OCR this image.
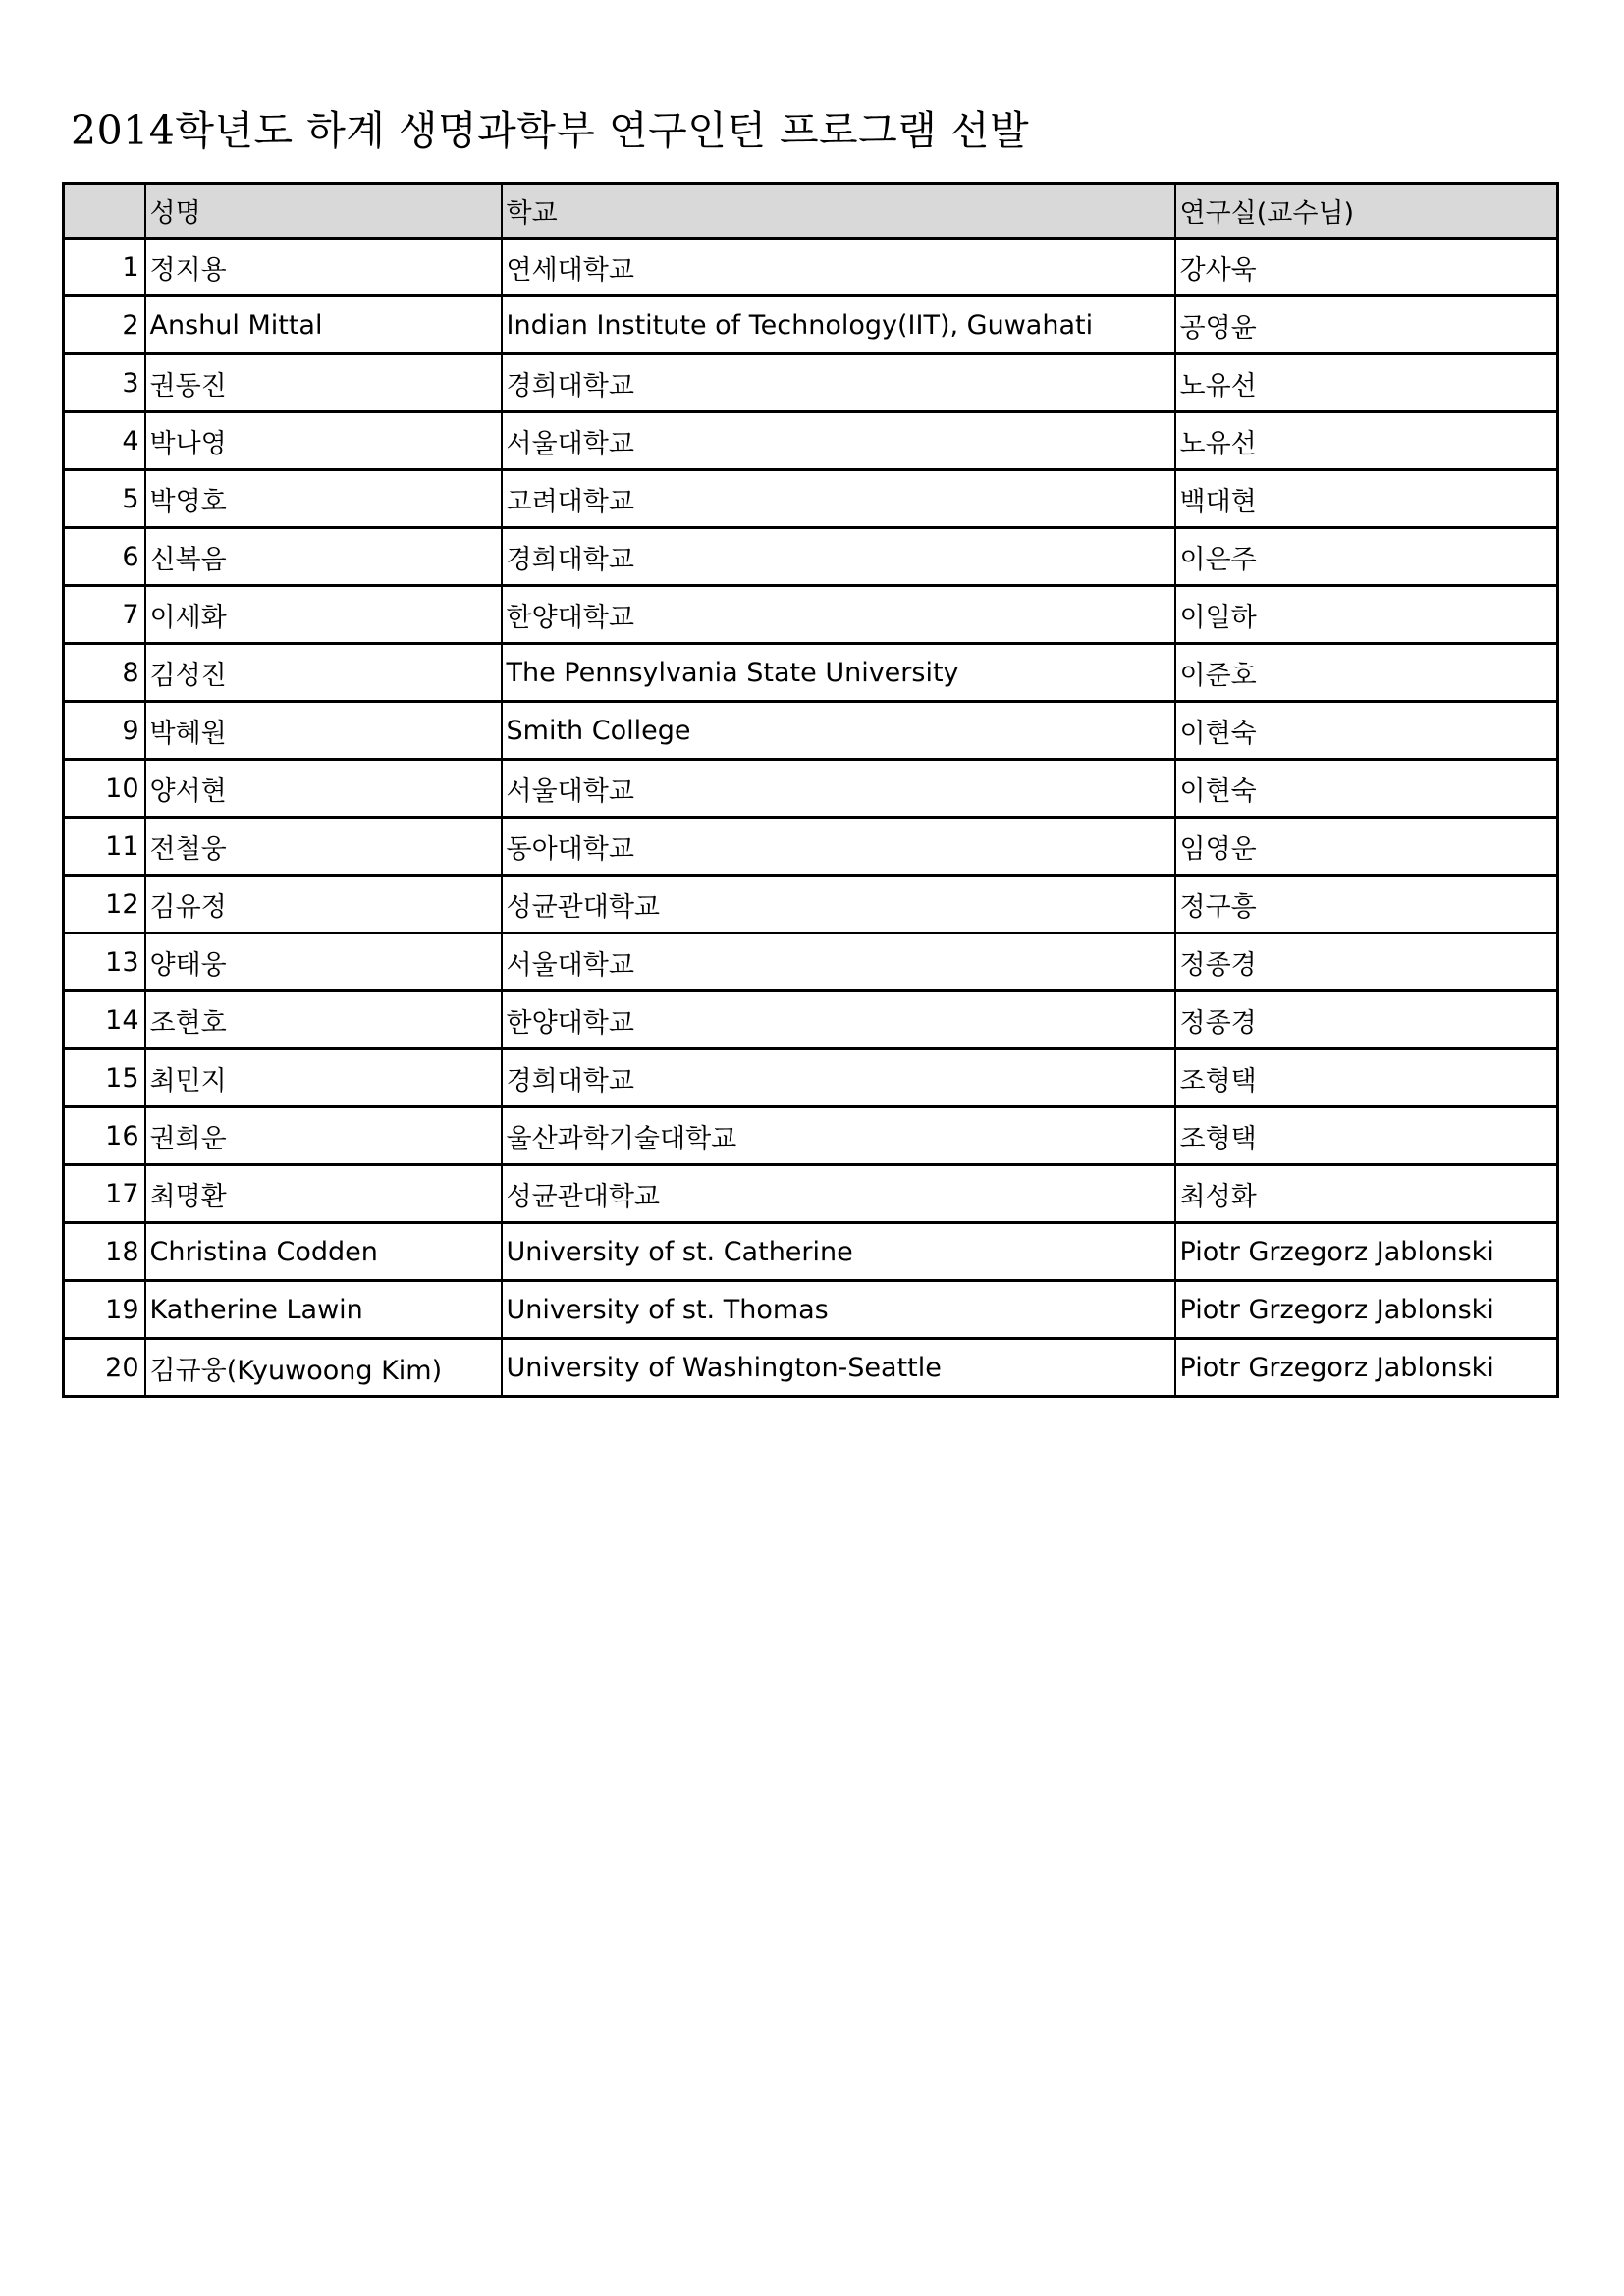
2014학년도 하계 생명과학부 연구인턴 프로그램 선발
	성명	학교	연구실(교수님)
1	정지용	연세대학교	강사욱
2	Anshul Mittal	Indian Institute of Technology(IIT), Guwahati	공영윤
3	권동진	경희대학교	노유선
4	박나영	서울대학교	노유선
5	박영호	고려대학교	백대현
6	신복음	경희대학교	이은주
7	이세화	한양대학교	이일하
8	김성진	The Pennsylvania State University	이준호
9	박혜원	Smith College	이현숙
10	양서현	서울대학교	이현숙
11	전철웅	동아대학교	임영운
12	김유정	성균관대학교	정구흥
13	양태웅	서울대학교	정종경
14	조현호	한양대학교	정종경
15	최민지	경희대학교	조형택
16	권희운	울산과학기술대학교	조형택
17	최명환	성균관대학교	최성화
18	Christina Codden	University of st. Catherine	Piotr Grzegorz Jablonski
19	Katherine Lawin	University of st. Thomas	Piotr Grzegorz Jablonski
20	김규웅(Kyuwoong Kim)	University of Washington-Seattle	Piotr Grzegorz Jablonski
